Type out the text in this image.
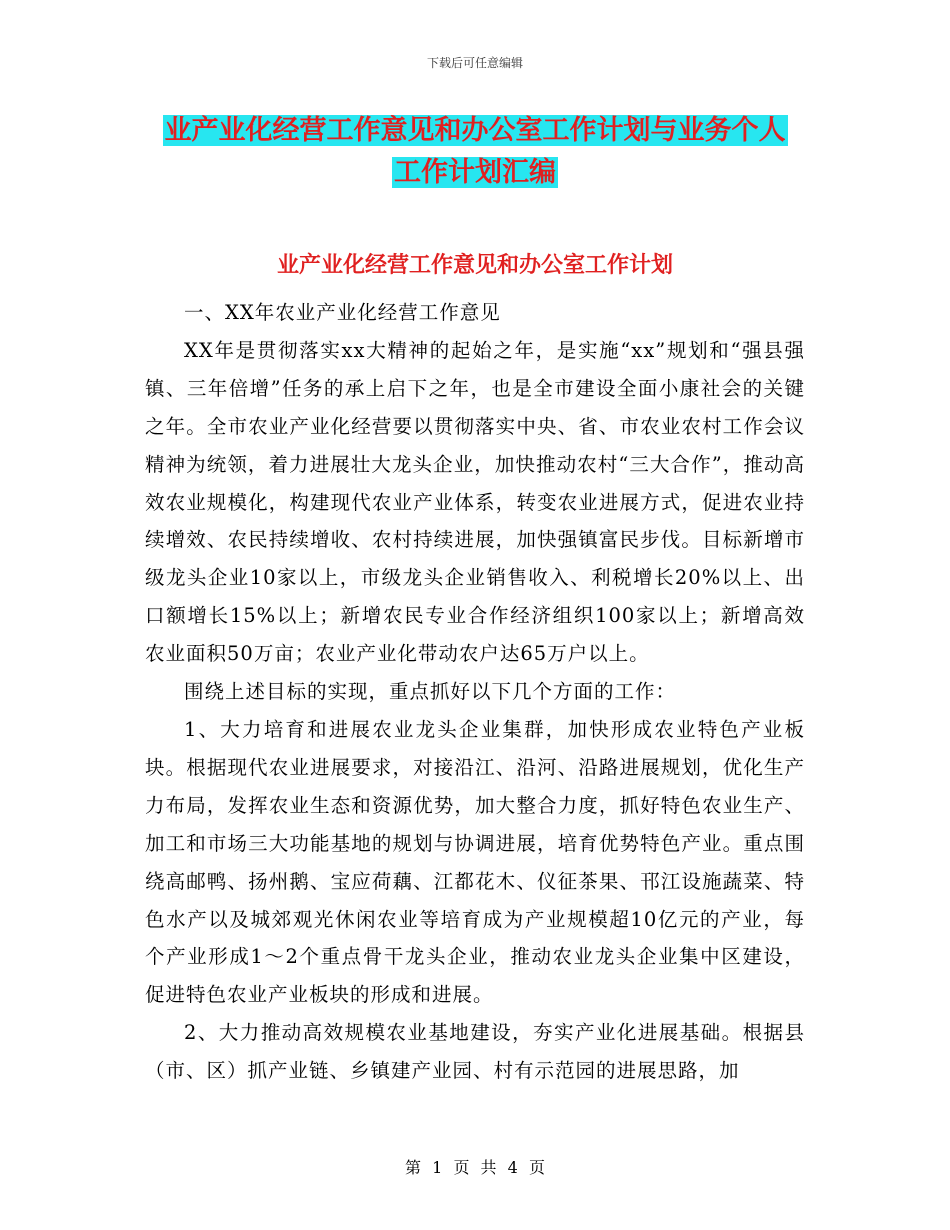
下载后可任意编辑
业产业化经营工作意见和办公室工作计划与业务个人
工作计划汇编
业产业化经营工作意见和办公室工作计划

一、XX年农业产业化经营工作意见

XX年是贯彻落实xx大精神的起始之年，是实施“xx”规划和“强县强镇、三年倍增”任务的承上启下之年，也是全市建设全面小康社会的关键之年。全市农业产业化经营要以贯彻落实中央、省、市农业农村工作会议精神为统领，着力进展壮大龙头企业，加快推动农村“三大合作”，推动高效农业规模化，构建现代农业产业体系，转变农业进展方式，促进农业持续增效、农民持续增收、农村持续进展，加快强镇富民步伐。目标新增市级龙头企业10家以上，市级龙头企业销售收入、利税增长20%以上、出口额增长15%以上；新增农民专业合作经济组织100家以上；新增高效农业面积50万亩；农业产业化带动农户达65万户以上。

围绕上述目标的实现，重点抓好以下几个方面的工作：

1、大力培育和进展农业龙头企业集群，加快形成农业特色产业板块。根据现代农业进展要求，对接沿江、沿河、沿路进展规划，优化生产力布局，发挥农业生态和资源优势，加大整合力度，抓好特色农业生产、加工和市场三大功能基地的规划与协调进展，培育优势特色产业。重点围绕高邮鸭、扬州鹅、宝应荷藕、江都花木、仪征茶果、邗江设施蔬菜、特色水产以及城郊观光休闲农业等培育成为产业规模超10亿元的产业，每个产业形成1～2个重点骨干龙头企业，推动农业龙头企业集中区建设，促进特色农业产业板块的形成和进展。

2、大力推动高效规模农业基地建设，夯实产业化进展基础。根据县（市、区）抓产业链、乡镇建产业园、村有示范园的进展思路，加

第 1 页 共 4 页
